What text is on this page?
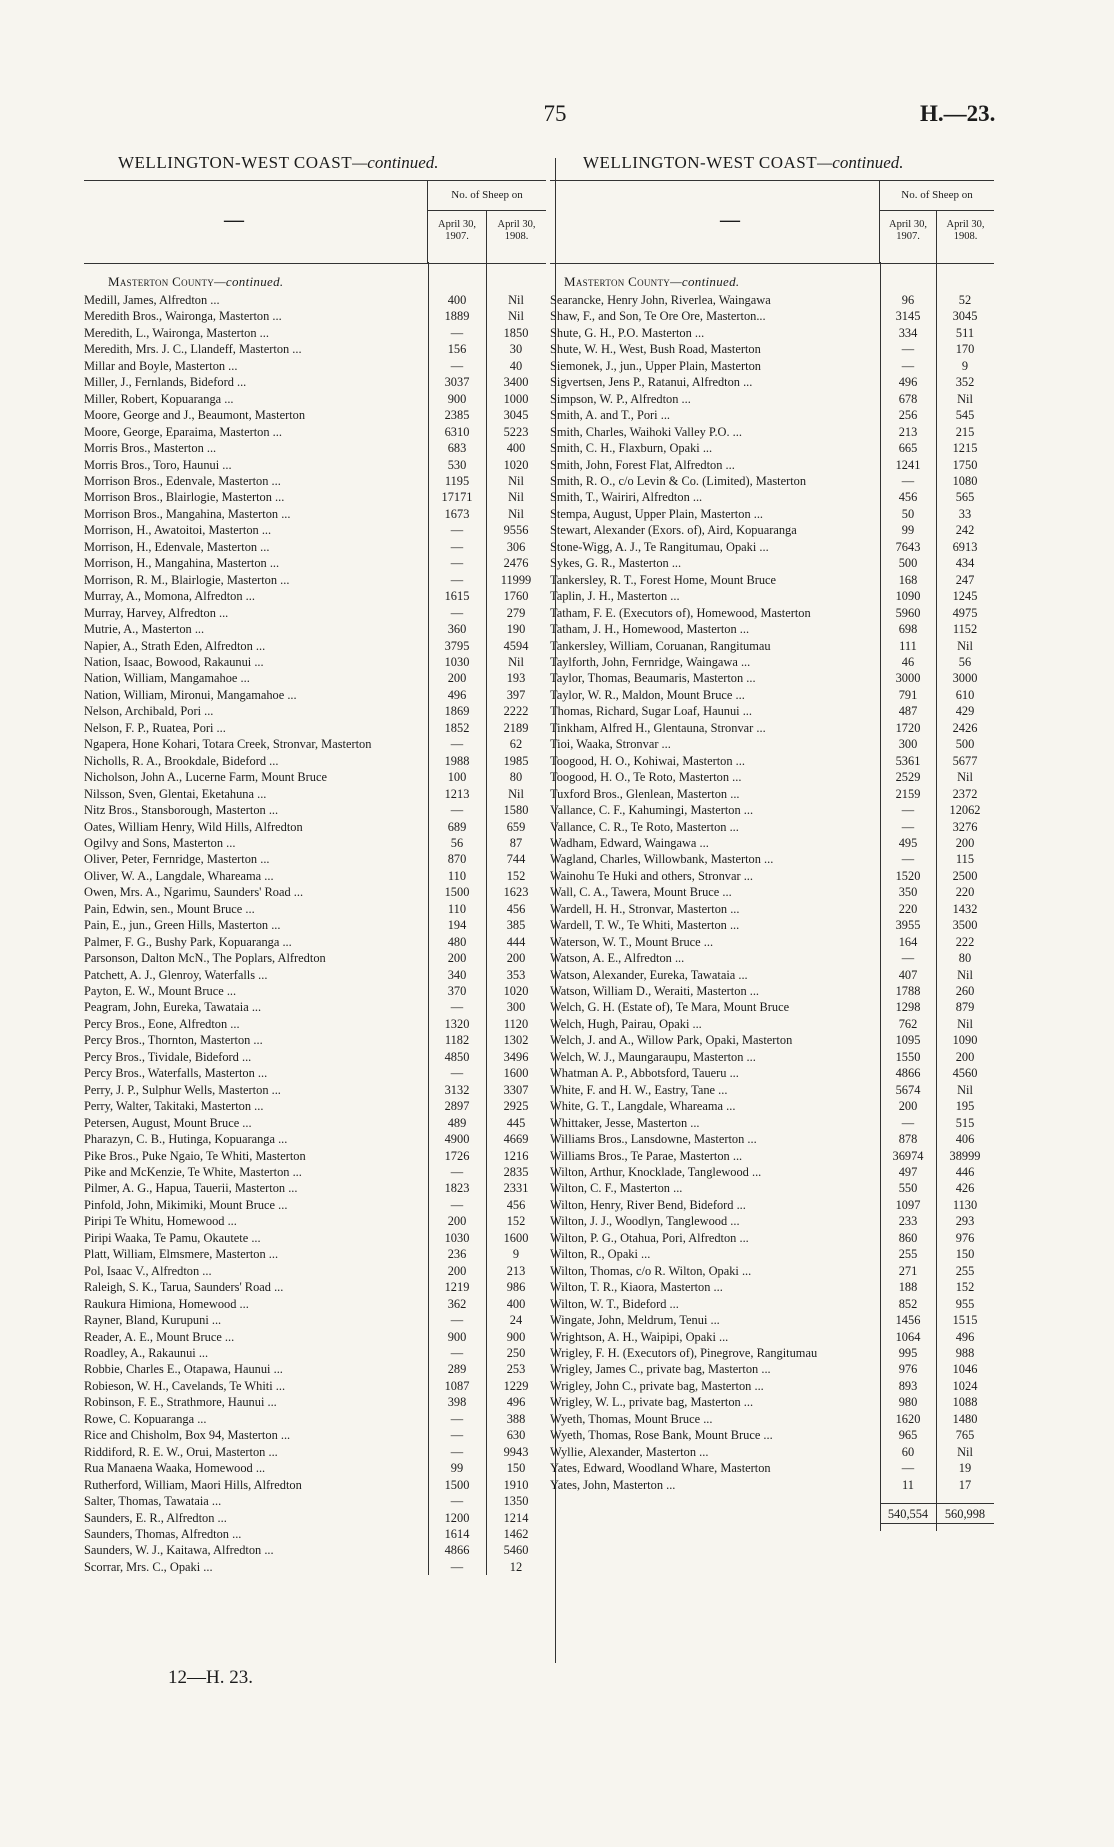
75	H.—23.
WELLINGTON-WEST COAST—continued.	WELLINGTON-WEST COAST—continued.
—
No. of Sheep on
April 30, 1907.
April 30, 1908.
Masterton County—continued.
Medill, James, Alfredton ...	400	Nil
Meredith Bros., Waironga, Masterton ...	1889	Nil
Meredith, L., Waironga, Masterton ...	—	1850
Meredith, Mrs. J. C., Llandeff, Masterton ...	156	30
Millar and Boyle, Masterton ...	—	40
Miller, J., Fernlands, Bideford ...	3037	3400
Miller, Robert, Kopuaranga ...	900	1000
Moore, George and J., Beaumont, Masterton	2385	3045
Moore, George, Eparaima, Masterton ...	6310	5223
Morris Bros., Masterton ...	683	400
Morris Bros., Toro, Haunui ...	530	1020
Morrison Bros., Edenvale, Masterton ...	1195	Nil
Morrison Bros., Blairlogie, Masterton ...	17171	Nil
Morrison Bros., Mangahina, Masterton ...	1673	Nil
Morrison, H., Awatoitoi, Masterton ...	—	9556
Morrison, H., Edenvale, Masterton ...	—	306
Morrison, H., Mangahina, Masterton ...	—	2476
Morrison, R. M., Blairlogie, Masterton ...	—	11999
Murray, A., Momona, Alfredton ...	1615	1760
Murray, Harvey, Alfredton ...	—	279
Mutrie, A., Masterton ...	360	190
Napier, A., Strath Eden, Alfredton ...	3795	4594
Nation, Isaac, Bowood, Rakaunui ...	1030	Nil
Nation, William, Mangamahoe ...	200	193
Nation, William, Mironui, Mangamahoe ...	496	397
Nelson, Archibald, Pori ...	1869	2222
Nelson, F. P., Ruatea, Pori ...	1852	2189
Ngapera, Hone Kohari, Totara Creek, Stronvar, Masterton	—	62
Nicholls, R. A., Brookdale, Bideford ...	1988	1985
Nicholson, John A., Lucerne Farm, Mount Bruce	100	80
Nilsson, Sven, Glentai, Eketahuna ...	1213	Nil
Nitz Bros., Stansborough, Masterton ...	—	1580
Oates, William Henry, Wild Hills, Alfredton	689	659
Ogilvy and Sons, Masterton ...	56	87
Oliver, Peter, Fernridge, Masterton ...	870	744
Oliver, W. A., Langdale, Whareama ...	110	152
Owen, Mrs. A., Ngarimu, Saunders' Road ...	1500	1623
Pain, Edwin, sen., Mount Bruce ...	110	456
Pain, E., jun., Green Hills, Masterton ...	194	385
Palmer, F. G., Bushy Park, Kopuaranga ...	480	444
Parsonson, Dalton McN., The Poplars, Alfredton	200	200
Patchett, A. J., Glenroy, Waterfalls ...	340	353
Payton, E. W., Mount Bruce ...	370	1020
Peagram, John, Eureka, Tawataia ...	—	300
Percy Bros., Eone, Alfredton ...	1320	1120
Percy Bros., Thornton, Masterton ...	1182	1302
Percy Bros., Tividale, Bideford ...	4850	3496
Percy Bros., Waterfalls, Masterton ...	—	1600
Perry, J. P., Sulphur Wells, Masterton ...	3132	3307
Perry, Walter, Takitaki, Masterton ...	2897	2925
Petersen, August, Mount Bruce ...	489	445
Pharazyn, C. B., Hutinga, Kopuaranga ...	4900	4669
Pike Bros., Puke Ngaio, Te Whiti, Masterton	1726	1216
Pike and McKenzie, Te White, Masterton ...	—	2835
Pilmer, A. G., Hapua, Tauerii, Masterton ...	1823	2331
Pinfold, John, Mikimiki, Mount Bruce ...	—	456
Piripi Te Whitu, Homewood ...	200	152
Piripi Waaka, Te Pamu, Okautete ...	1030	1600
Platt, William, Elmsmere, Masterton ...	236	9
Pol, Isaac V., Alfredton ...	200	213
Raleigh, S. K., Tarua, Saunders' Road ...	1219	986
Raukura Himiona, Homewood ...	362	400
Rayner, Bland, Kurupuni ...	—	24
Reader, A. E., Mount Bruce ...	900	900
Roadley, A., Rakaunui ...	—	250
Robbie, Charles E., Otapawa, Haunui ...	289	253
Robieson, W. H., Cavelands, Te Whiti ...	1087	1229
Robinson, F. E., Strathmore, Haunui ...	398	496
Rowe, C. Kopuaranga ...	—	388
Rice and Chisholm, Box 94, Masterton ...	—	630
Riddiford, R. E. W., Orui, Masterton ...	—	9943
Rua Manaena Waaka, Homewood ...	99	150
Rutherford, William, Maori Hills, Alfredton	1500	1910
Salter, Thomas, Tawataia ...	—	1350
Saunders, E. R., Alfredton ...	1200	1214
Saunders, Thomas, Alfredton ...	1614	1462
Saunders, W. J., Kaitawa, Alfredton ...	4866	5460
Scorrar, Mrs. C., Opaki ...	—	12
—
No. of Sheep on
April 30, 1907.
April 30, 1908.
Masterton County—continued.
Searancke, Henry John, Riverlea, Waingawa	96	52
Shaw, F., and Son, Te Ore Ore, Masterton...	3145	3045
Shute, G. H., P.O. Masterton ...	334	511
Shute, W. H., West, Bush Road, Masterton	—	170
Siemonek, J., jun., Upper Plain, Masterton	—	9
Sigvertsen, Jens P., Ratanui, Alfredton ...	496	352
Simpson, W. P., Alfredton ...	678	Nil
Smith, A. and T., Pori ...	256	545
Smith, Charles, Waihoki Valley P.O. ...	213	215
Smith, C. H., Flaxburn, Opaki ...	665	1215
Smith, John, Forest Flat, Alfredton ...	1241	1750
Smith, R. O., c/o Levin & Co. (Limited), Masterton	—	1080
Smith, T., Wairiri, Alfredton ...	456	565
Stempa, August, Upper Plain, Masterton ...	50	33
Stewart, Alexander (Exors. of), Aird, Kopuaranga	99	242
Stone-Wigg, A. J., Te Rangitumau, Opaki ...	7643	6913
Sykes, G. R., Masterton ...	500	434
Tankersley, R. T., Forest Home, Mount Bruce	168	247
Taplin, J. H., Masterton ...	1090	1245
Tatham, F. E. (Executors of), Homewood, Masterton	5960	4975
Tatham, J. H., Homewood, Masterton ...	698	1152
Tankersley, William, Coruanan, Rangitumau	111	Nil
Taylforth, John, Fernridge, Waingawa ...	46	56
Taylor, Thomas, Beaumaris, Masterton ...	3000	3000
Taylor, W. R., Maldon, Mount Bruce ...	791	610
Thomas, Richard, Sugar Loaf, Haunui ...	487	429
Tinkham, Alfred H., Glentauna, Stronvar ...	1720	2426
Tioi, Waaka, Stronvar ...	300	500
Toogood, H. O., Kohiwai, Masterton ...	5361	5677
Toogood, H. O., Te Roto, Masterton ...	2529	Nil
Tuxford Bros., Glenlean, Masterton ...	2159	2372
Vallance, C. F., Kahumingi, Masterton ...	—	12062
Vallance, C. R., Te Roto, Masterton ...	—	3276
Wadham, Edward, Waingawa ...	495	200
Wagland, Charles, Willowbank, Masterton ...	—	115
Wainohu Te Huki and others, Stronvar ...	1520	2500
Wall, C. A., Tawera, Mount Bruce ...	350	220
Wardell, H. H., Stronvar, Masterton ...	220	1432
Wardell, T. W., Te Whiti, Masterton ...	3955	3500
Waterson, W. T., Mount Bruce ...	164	222
Watson, A. E., Alfredton ...	—	80
Watson, Alexander, Eureka, Tawataia ...	407	Nil
Watson, William D., Weraiti, Masterton ...	1788	260
Welch, G. H. (Estate of), Te Mara, Mount Bruce	1298	879
Welch, Hugh, Pairau, Opaki ...	762	Nil
Welch, J. and A., Willow Park, Opaki, Masterton	1095	1090
Welch, W. J., Maungaraupu, Masterton ...	1550	200
Whatman A. P., Abbotsford, Taueru ...	4866	4560
White, F. and H. W., Eastry, Tane ...	5674	Nil
White, G. T., Langdale, Whareama ...	200	195
Whittaker, Jesse, Masterton ...	—	515
Williams Bros., Lansdowne, Masterton ...	878	406
Williams Bros., Te Parae, Masterton ...	36974	38999
Wilton, Arthur, Knocklade, Tanglewood ...	497	446
Wilton, C. F., Masterton ...	550	426
Wilton, Henry, River Bend, Bideford ...	1097	1130
Wilton, J. J., Woodlyn, Tanglewood ...	233	293
Wilton, P. G., Otahua, Pori, Alfredton ...	860	976
Wilton, R., Opaki ...	255	150
Wilton, Thomas, c/o R. Wilton, Opaki ...	271	255
Wilton, T. R., Kiaora, Masterton ...	188	152
Wilton, W. T., Bideford ...	852	955
Wingate, John, Meldrum, Tenui ...	1456	1515
Wrightson, A. H., Waipipi, Opaki ...	1064	496
Wrigley, F. H. (Executors of), Pinegrove, Rangitumau	995	988
Wrigley, James C., private bag, Masterton ...	976	1046
Wrigley, John C., private bag, Masterton ...	893	1024
Wrigley, W. L., private bag, Masterton ...	980	1088
Wyeth, Thomas, Mount Bruce ...	1620	1480
Wyeth, Thomas, Rose Bank, Mount Bruce ...	965	765
Wyllie, Alexander, Masterton ...	60	Nil
Yates, Edward, Woodland Whare, Masterton	—	19
Yates, John, Masterton ...	11	17
540,554	560,998
12—H. 23.
